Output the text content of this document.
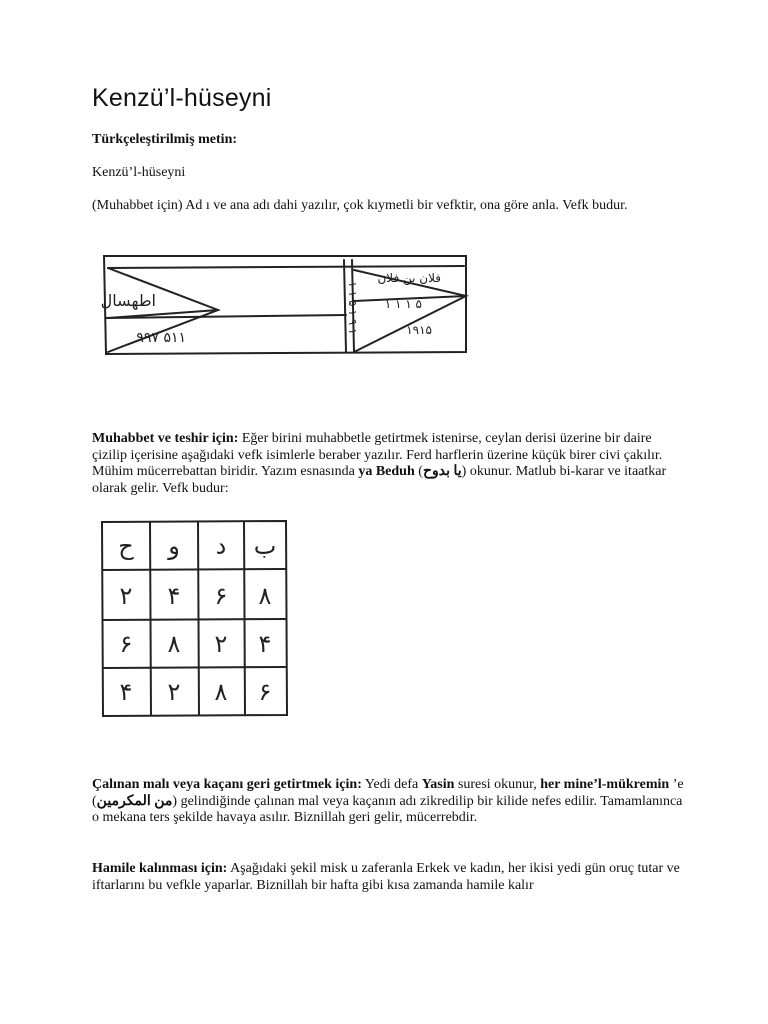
Kenzü’l-hüseyni
Türkçeleştirilmiş metin:
Kenzü’l-hüseyni
(Muhabbet için) Ad ı ve ana adı dahi yazılır, çok kıymetli bir vefktir, ona göre anla. Vefk budur.
اطهسال
۵۱۱ ۹۹۷
فلان بن فلان
۵ ۱ ۱ ۱
۱۹۱۵
۱ ۱ ۵ ۱ ۹ ۱
Muhabbet ve teshir için: Eğer birini muhabbetle getirtmek istenirse, ceylan derisi üzerine bir daire çizilip içerisine aşağıdaki vefk isimlerle beraber yazılır. Ferd harflerin üzerine küçük birer civi çakılır. Mühim mücerrebattan biridir. Yazım esnasında ya Beduh (یا بدوح) okunur. Matlub bi-karar ve itaatkar olarak gelir. Vefk budur:
ح و د ب
۲ ۴ ۶ ۸
۶ ۸ ۲ ۴
۴ ۲ ۸ ۶
Çalınan malı veya kaçanı geri getirtmek için: Yedi defa Yasin suresi okunur, her mine’l-mükremin ’e (من المكرمين) gelindiğinde çalınan mal veya kaçanın adı zikredilip bir kilide nefes edilir. Tamamlanınca o mekana ters şekilde havaya asılır. Biznillah geri gelir, mücerrebdir.
Hamile kalınması için: Aşağıdaki şekil misk u zaferanla Erkek ve kadın, her ikisi yedi gün oruç tutar ve iftarlarını bu vefkle yaparlar. Biznillah bir hafta gibi kısa zamanda hamile kalır
